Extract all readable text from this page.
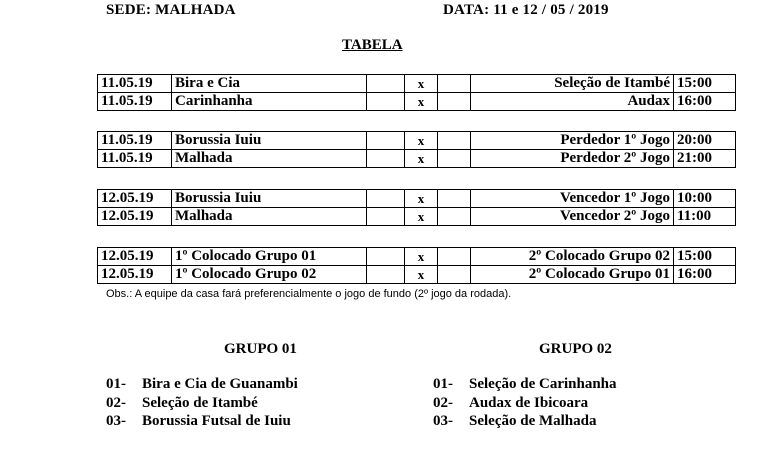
SEDE: MALHADA	DATA: 11 e 12 / 05 / 2019
TABELA
11.05.19	Bira e Cia		x		Seleção de Itambé	15:00
11.05.19	Carinhanha		x		Audax	16:00
11.05.19	Borussia Iuiu		x		Perdedor 1º Jogo	20:00
11.05.19	Malhada		x		Perdedor 2º Jogo	21:00
12.05.19	Borussia Iuiu		x		Vencedor 1º Jogo	10:00
12.05.19	Malhada		x		Vencedor 2º Jogo	11:00
12.05.19	1º Colocado Grupo 01		x		2º Colocado Grupo 02	15:00
12.05.19	1º Colocado Grupo 02		x		2º Colocado Grupo 01	16:00
Obs.: A equipe da casa fará preferencialmente o jogo de fundo (2º jogo da rodada).
GRUPO 01	GRUPO 02
01-	Bira e Cia de Guanambi
02-	Seleção de Itambé
03-	Borussia Futsal de Iuiu
01-	Seleção de Carinhanha
02-	Audax de Ibicoara
03-	Seleção de Malhada
